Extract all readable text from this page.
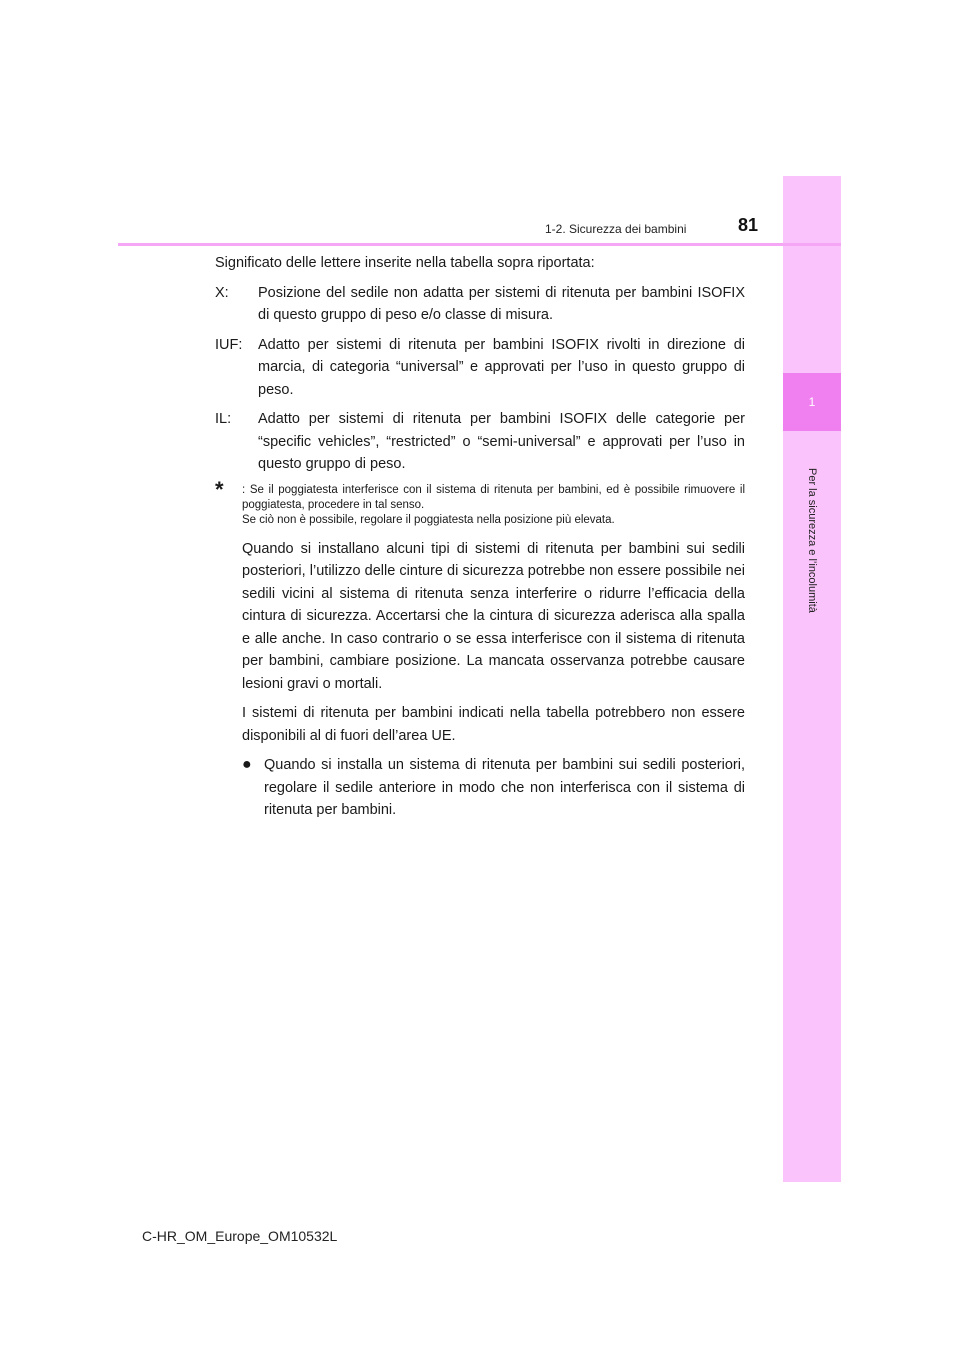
1
Per la sicurezza e l’incolumità
1-2. Sicurezza dei bambini	81

Significato delle lettere inserite nella tabella sopra riportata:

X:	Posizione del sedile non adatta per sistemi di ritenuta per bambini ISOFIX di questo gruppo di peso e/o classe di misura.
IUF:	Adatto per sistemi di ritenuta per bambini ISOFIX rivolti in direzione di marcia, di categoria “universal” e approvati per l’uso in questo gruppo di peso.
IL:	Adatto per sistemi di ritenuta per bambini ISOFIX delle categorie per “specific vehicles”, “restricted” o “semi-universal” e approvati per l’uso in questo gruppo di peso.
*	: Se il poggiatesta interferisce con il sistema di ritenuta per bambini, ed è possibile rimuovere il poggiatesta, procedere in tal senso.
Se ciò non è possibile, regolare il poggiatesta nella posizione più elevata.

Quando si installano alcuni tipi di sistemi di ritenuta per bambini sui sedili posteriori, l’utilizzo delle cinture di sicurezza potrebbe non essere possibile nei sedili vicini al sistema di ritenuta senza interferire o ridurre l’efficacia della cintura di sicurezza. Accertarsi che la cintura di sicurezza aderisca alla spalla e alle anche. In caso contrario o se essa interferisce con il sistema di ritenuta per bambini, cambiare posizione. La mancata osservanza potrebbe causare lesioni gravi o mortali.

I sistemi di ritenuta per bambini indicati nella tabella potrebbero non essere disponibili al di fuori dell’area UE.

● Quando si installa un sistema di ritenuta per bambini sui sedili posteriori, regolare il sedile anteriore in modo che non interferisca con il sistema di ritenuta per bambini.
C-HR_OM_Europe_OM10532L
